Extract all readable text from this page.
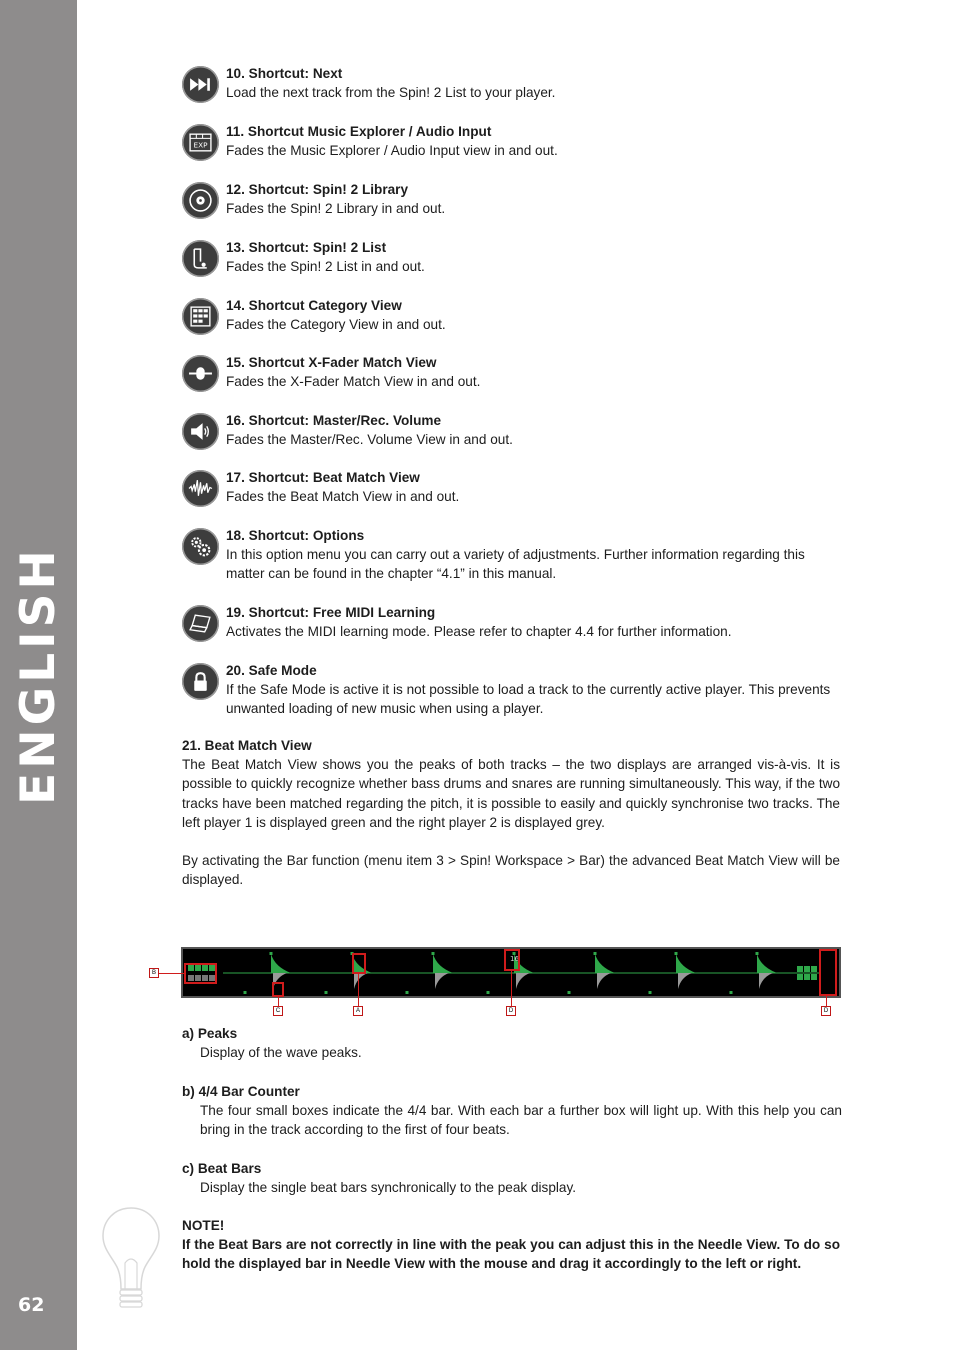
ENGLISH
62
10. Shortcut: Next
Load the next track from the Spin! 2 List to your player.
EXP
11. Shortcut Music Explorer / Audio Input
Fades the Music Explorer / Audio Input view in and out.
12. Shortcut: Spin! 2 Library
Fades the Spin! 2 Library in and out.
13. Shortcut: Spin! 2 List
Fades the Spin! 2 List in and out.
14. Shortcut Category View
Fades the Category View in and out.
15. Shortcut X-Fader Match View
Fades the X-Fader Match View in and out.
16. Shortcut: Master/Rec. Volume
Fades the Master/Rec. Volume View in and out.
17. Shortcut: Beat Match View
Fades the Beat Match View in and out.
18. Shortcut: Options
In this option menu you can carry out a variety of adjustments. Further information regarding this matter can be found in the chapter “4.1” in this manual.
19. Shortcut: Free MIDI Learning
Activates the MIDI learning mode. Please refer to chapter 4.4 for further information.
20. Safe Mode
If the Safe Mode is active it is not possible to load a track to the currently active player. This prevents unwanted loading of new music when using a player.
21. Beat Match View
The Beat Match View shows you the peaks of both tracks – the two displays are arranged vis-à-vis. It is possible to quickly recognize whether bass drums and snares are running simultaneously. This way, if the two tracks have been matched regarding the pitch, it is possible to easily and quickly synchronise two tracks. The left player 1 is displayed green and the right player 2 is displayed grey.
By activating the Bar function (menu item 3 > Spin! Workspace > Bar) the advanced Beat Match View will be displayed.
16
B
C	A	D	D
a) Peaks
Display of the wave peaks.
b) 4/4 Bar Counter
The four small boxes indicate the 4/4 bar. With each bar a further box will light up. With this help you can bring in the track according to the first of four beats.
c) Beat Bars
Display the single beat bars synchronically to the peak display.
NOTE!
If the Beat Bars are not correctly in line with the peak you can adjust this in the Needle View. To do so hold the displayed bar in Needle View with the mouse and drag it accordingly to the left or right.
